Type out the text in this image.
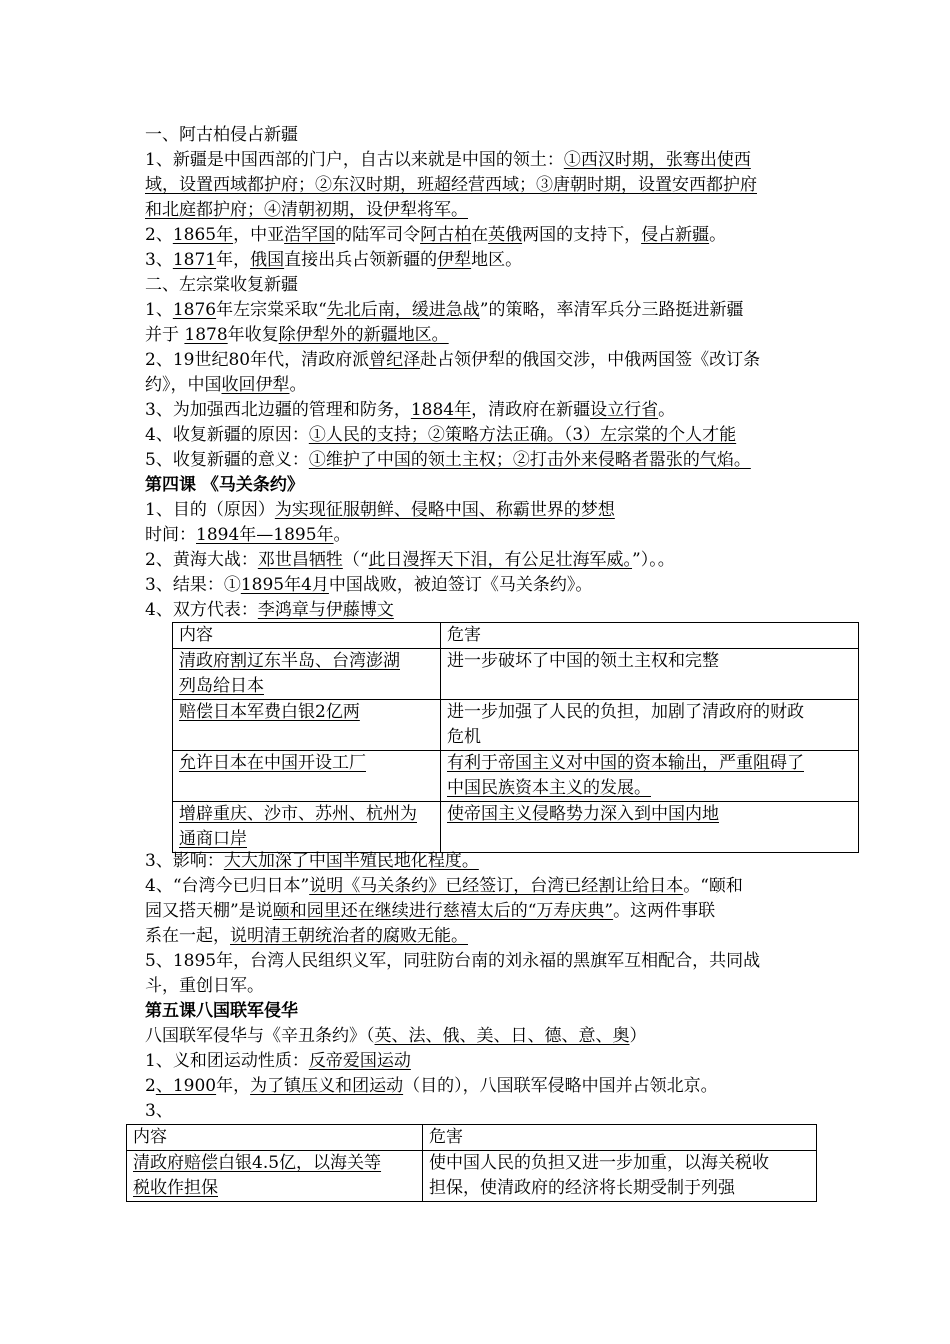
一、阿古柏侵占新疆
1、新疆是中国西部的门户，自古以来就是中国的领土：①西汉时期，张骞出使西
域，设置西域都护府；②东汉时期，班超经营西域；③唐朝时期，设置安西都护府
和北庭都护府；④清朝初期，设伊犁将军。
2、1865年，中亚浩罕国的陆军司令阿古柏在英俄两国的支持下，侵占新疆。
3、1871年，俄国直接出兵占领新疆的伊犁地区。
二、左宗棠收复新疆
1、1876年左宗棠采取“先北后南，缓进急战”的策略，率清军兵分三路挺进新疆
并于 1878年收复除伊犁外的新疆地区。
2、19世纪80年代，清政府派曾纪泽赴占领伊犁的俄国交涉，中俄两国签《改订条
约》，中国收回伊犁。
3、为加强西北边疆的管理和防务，1884年，清政府在新疆设立行省。
4、收复新疆的原因：①人民的支持；②策略方法正确。（3）左宗棠的个人才能
5、收复新疆的意义：①维护了中国的领土主权；②打击外来侵略者嚣张的气焰。
第四课 《马关条约》
1、目的（原因）为实现征服朝鲜、侵略中国、称霸世界的梦想
时间：1894年—1895年。
2、黄海大战：邓世昌牺牲（“此日漫挥天下泪，有公足壮海军威。”）。。
3、结果：①1895年4月中国战败，被迫签订《马关条约》。
4、双方代表：李鸿章与伊藤博文
内容	危害

清政府割辽东半岛、台湾澎湖
列岛给日本	进一步破坏了中国的领土主权和完整

赔偿日本军费白银2亿两	进一步加强了人民的负担，加剧了清政府的财政
危机

允许日本在中国开设工厂	有利于帝国主义对中国的资本输出，严重阻碍了
中国民族资本主义的发展。

增辟重庆、沙市、苏州、杭州为
通商口岸	使帝国主义侵略势力深入到中国内地
3、影响：大大加深了中国半殖民地化程度。
4、“台湾今已归日本”说明《马关条约》已经签订，台湾已经割让给日本。“颐和
园又搭天棚”是说颐和园里还在继续进行慈禧太后的“万寿庆典”。这两件事联
系在一起，说明清王朝统治者的腐败无能。
5、1895年，台湾人民组织义军，同驻防台南的刘永福的黑旗军互相配合，共同战
斗，重创日军。
第五课八国联军侵华
八国联军侵华与《辛丑条约》（英、法、俄、美、日、德、意、奥）
1、义和团运动性质：反帝爱国运动
2、1900年，为了镇压义和团运动（目的），八国联军侵略中国并占领北京。
3、
内容	危害

清政府赔偿白银4.5亿，以海关等
税收作担保	使中国人民的负担又进一步加重，以海关税收
担保，使清政府的经济将长期受制于列强
